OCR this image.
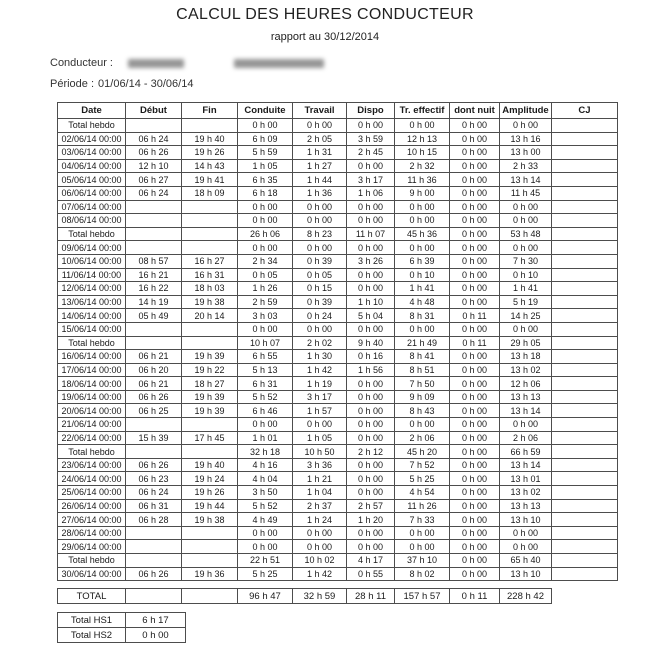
CALCUL DES HEURES CONDUCTEUR
rapport au 30/12/2014
Conducteur :
Période : 01/06/14 - 30/06/14
Date	Début	Fin	Conduite	Travail	Dispo	Tr. effectif	dont nuit	Amplitude	CJ
Total hebdo			0 h 00	0 h 00	0 h 00	0 h 00	0 h 00	0 h 00	
02/06/14 00:00	06 h 24	19 h 40	6 h 09	2 h 05	3 h 59	12 h 13	0 h 00	13 h 16	
03/06/14 00:00	06 h 26	19 h 26	5 h 59	1 h 31	2 h 45	10 h 15	0 h 00	13 h 00	
04/06/14 00:00	12 h 10	14 h 43	1 h 05	1 h 27	0 h 00	2 h 32	0 h 00	2 h 33	
05/06/14 00:00	06 h 27	19 h 41	6 h 35	1 h 44	3 h 17	11 h 36	0 h 00	13 h 14	
06/06/14 00:00	06 h 24	18 h 09	6 h 18	1 h 36	1 h 06	9 h 00	0 h 00	11 h 45	
07/06/14 00:00			0 h 00	0 h 00	0 h 00	0 h 00	0 h 00	0 h 00	
08/06/14 00:00			0 h 00	0 h 00	0 h 00	0 h 00	0 h 00	0 h 00	
Total hebdo			26 h 06	8 h 23	11 h 07	45 h 36	0 h 00	53 h 48	
09/06/14 00:00			0 h 00	0 h 00	0 h 00	0 h 00	0 h 00	0 h 00	
10/06/14 00:00	08 h 57	16 h 27	2 h 34	0 h 39	3 h 26	6 h 39	0 h 00	7 h 30	
11/06/14 00:00	16 h 21	16 h 31	0 h 05	0 h 05	0 h 00	0 h 10	0 h 00	0 h 10	
12/06/14 00:00	16 h 22	18 h 03	1 h 26	0 h 15	0 h 00	1 h 41	0 h 00	1 h 41	
13/06/14 00:00	14 h 19	19 h 38	2 h 59	0 h 39	1 h 10	4 h 48	0 h 00	5 h 19	
14/06/14 00:00	05 h 49	20 h 14	3 h 03	0 h 24	5 h 04	8 h 31	0 h 11	14 h 25	
15/06/14 00:00			0 h 00	0 h 00	0 h 00	0 h 00	0 h 00	0 h 00	
Total hebdo			10 h 07	2 h 02	9 h 40	21 h 49	0 h 11	29 h 05	
16/06/14 00:00	06 h 21	19 h 39	6 h 55	1 h 30	0 h 16	8 h 41	0 h 00	13 h 18	
17/06/14 00:00	06 h 20	19 h 22	5 h 13	1 h 42	1 h 56	8 h 51	0 h 00	13 h 02	
18/06/14 00:00	06 h 21	18 h 27	6 h 31	1 h 19	0 h 00	7 h 50	0 h 00	12 h 06	
19/06/14 00:00	06 h 26	19 h 39	5 h 52	3 h 17	0 h 00	9 h 09	0 h 00	13 h 13	
20/06/14 00:00	06 h 25	19 h 39	6 h 46	1 h 57	0 h 00	8 h 43	0 h 00	13 h 14	
21/06/14 00:00			0 h 00	0 h 00	0 h 00	0 h 00	0 h 00	0 h 00	
22/06/14 00:00	15 h 39	17 h 45	1 h 01	1 h 05	0 h 00	2 h 06	0 h 00	2 h 06	
Total hebdo			32 h 18	10 h 50	2 h 12	45 h 20	0 h 00	66 h 59	
23/06/14 00:00	06 h 26	19 h 40	4 h 16	3 h 36	0 h 00	7 h 52	0 h 00	13 h 14	
24/06/14 00:00	06 h 23	19 h 24	4 h 04	1 h 21	0 h 00	5 h 25	0 h 00	13 h 01	
25/06/14 00:00	06 h 24	19 h 26	3 h 50	1 h 04	0 h 00	4 h 54	0 h 00	13 h 02	
26/06/14 00:00	06 h 31	19 h 44	5 h 52	2 h 37	2 h 57	11 h 26	0 h 00	13 h 13	
27/06/14 00:00	06 h 28	19 h 38	4 h 49	1 h 24	1 h 20	7 h 33	0 h 00	13 h 10	
28/06/14 00:00			0 h 00	0 h 00	0 h 00	0 h 00	0 h 00	0 h 00	
29/06/14 00:00			0 h 00	0 h 00	0 h 00	0 h 00	0 h 00	0 h 00	
Total hebdo			22 h 51	10 h 02	4 h 17	37 h 10	0 h 00	65 h 40	
30/06/14 00:00	06 h 26	19 h 36	5 h 25	1 h 42	0 h 55	8 h 02	0 h 00	13 h 10	
TOTAL			96 h 47	32 h 59	28 h 11	157 h 57	0 h 11	228 h 42
Total HS1	6 h 17
Total HS2	0 h 00
